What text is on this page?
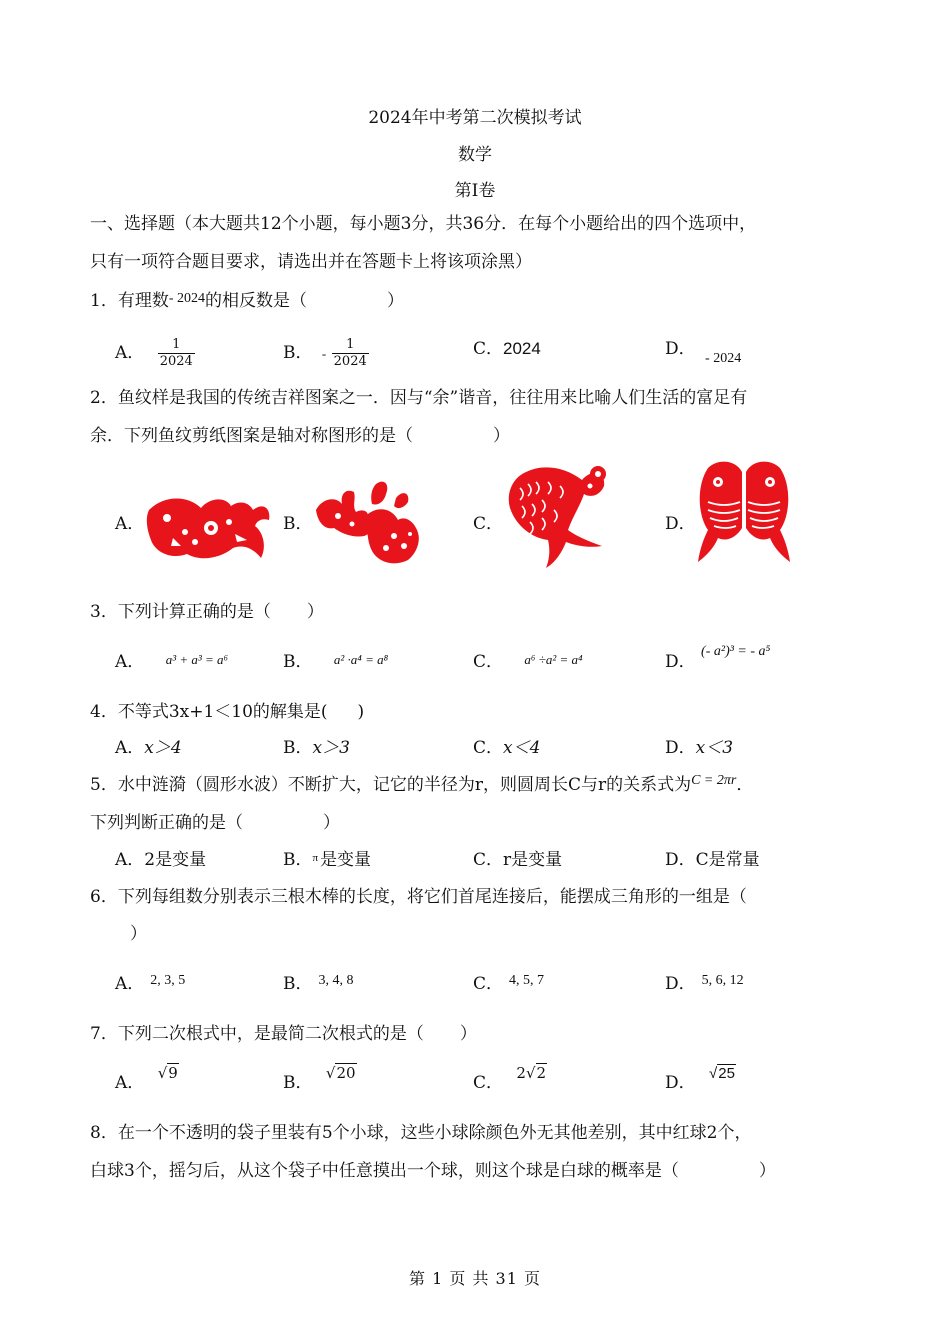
2024年中考第二次模拟考试
数学
第Ⅰ卷
一、选择题（本大题共12个小题，每小题3分，共36分．在每个小题给出的四个选项中，
只有一项符合题目要求，请选出并在答题卡上将该项涂黑）
1．有理数$^{- 2024}$的相反数是（	）
A． $\frac{1}{2024}$	B． - $\frac{1}{2024}$	C．2024	D． $_{- 2024}$
2．鱼纹样是我国的传统吉祥图案之一．因与“余”谐音，往往用来比喻人们生活的富足有
余．下列鱼纹剪纸图案是轴对称图形的是（	）
A．	B．	C．	D．
3．下列计算正确的是（ ）
A． a³ + a³ = a⁶	B． a² ·a⁴ = a⁸	C． a⁶ ÷a² = a⁴	D． $^{(- a^2)^3 = - a^5}$
4．不等式3x+1＜10的解集是( )
A．x＞4	B．x＞3	C．x＜4	D．x＜3
5．水中涟漪（圆形水波）不断扩大，记它的半径为r，则圆周长C与r的关系式为$^{C = 2\pi r}$．
下列判断正确的是（	）
A．2是变量	B．$^\pi$ 是变量	C．r是变量	D．C是常量
6．下列每组数分别表示三根木棒的长度，将它们首尾连接后，能摆成三角形的一组是（
）
A． $^{2, 3, 5}$	B． $^{3, 4, 8}$	C． $^{4, 5, 7}$	D． $^{5, 6, 12}$
7．下列二次根式中，是最简二次根式的是（ ）
A． √9	B． √20	C． 2√2	D． √25
8．在一个不透明的袋子里装有5个小球，这些小球除颜色外无其他差别，其中红球2个，
白球3个，摇匀后，从这个袋子中任意摸出一个球，则这个球是白球的概率是（	）
第 1 页 共 31 页
